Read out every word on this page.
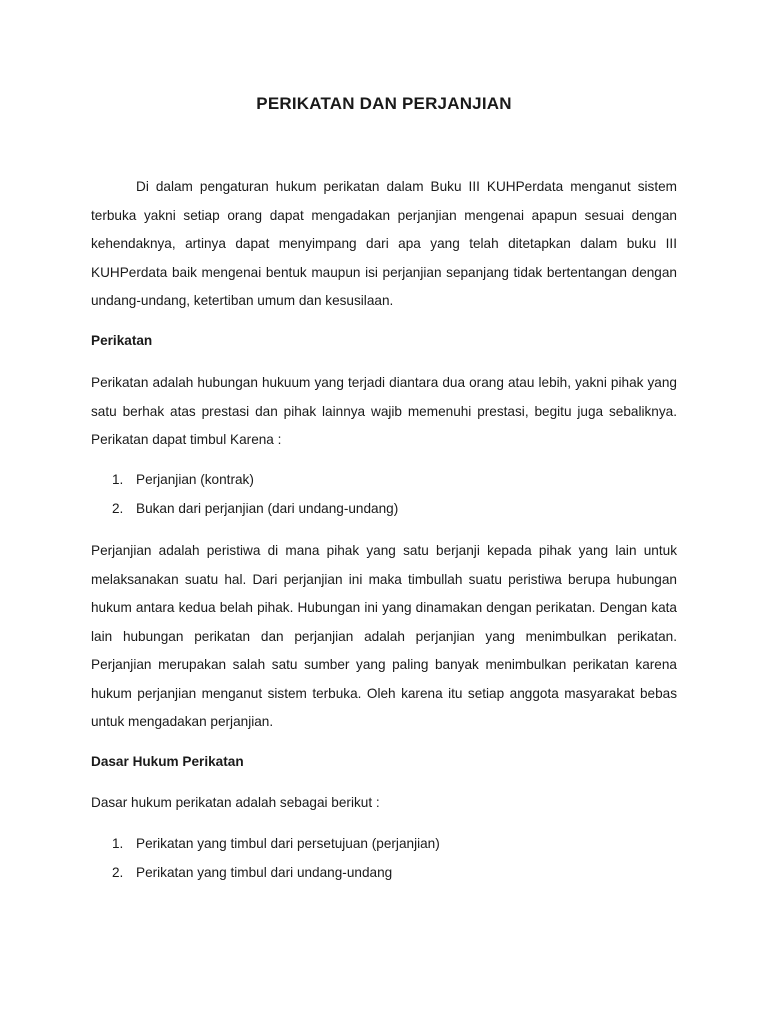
PERIKATAN DAN PERJANJIAN

Di dalam pengaturan hukum perikatan dalam Buku III KUHPerdata menganut sistem terbuka yakni setiap orang dapat mengadakan perjanjian mengenai apapun sesuai dengan kehendaknya, artinya dapat menyimpang dari apa yang telah ditetapkan dalam buku III KUHPerdata baik mengenai bentuk maupun isi perjanjian sepanjang tidak bertentangan dengan undang-undang, ketertiban umum dan kesusilaan.

Perikatan

Perikatan adalah hubungan hukuum yang terjadi diantara dua orang atau lebih, yakni pihak yang satu berhak atas prestasi dan pihak lainnya wajib memenuhi prestasi, begitu juga sebaliknya. Perikatan dapat timbul Karena :

1. Perjanjian (kontrak)
2. Bukan dari perjanjian (dari undang-undang)

Perjanjian adalah peristiwa di mana pihak yang satu berjanji kepada pihak yang lain untuk melaksanakan suatu hal. Dari perjanjian ini maka timbullah suatu peristiwa berupa hubungan hukum antara kedua belah pihak. Hubungan ini yang dinamakan dengan perikatan. Dengan kata lain hubungan perikatan dan perjanjian adalah perjanjian yang menimbulkan perikatan. Perjanjian merupakan salah satu sumber yang paling banyak menimbulkan perikatan karena hukum perjanjian menganut sistem terbuka. Oleh karena itu setiap anggota masyarakat bebas untuk mengadakan perjanjian.

Dasar Hukum Perikatan

Dasar hukum perikatan adalah sebagai berikut :

1. Perikatan yang timbul dari persetujuan (perjanjian)
2. Perikatan yang timbul dari undang-undang
